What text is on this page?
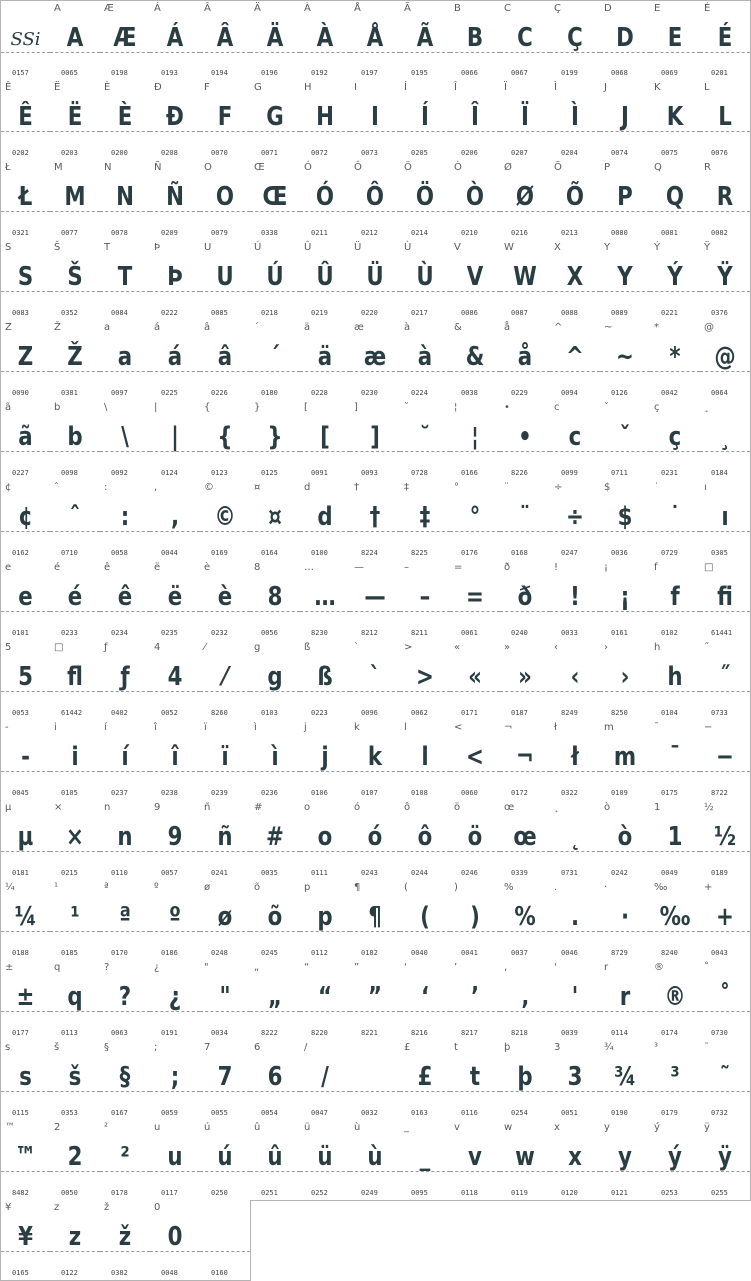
SSi
0157
A
A
0065
Æ
Æ
0198
Á
Á
0193
Â
Â
0194
Ä
Ä
0196
À
À
0192
Å
Å
0197
Ã
Ã
0195
B
B
0066
C
C
0067
Ç
Ç
0199
D
D
0068
E
E
0069
É
É
0201
Ê
Ê
0202
Ë
Ë
0203
È
È
0200
Ð
Đ
0208
F
F
0070
G
G
0071
H
H
0072
I
I
0073
Í
Í
0205
Î
Î
0206
Ï
Ï
0207
Ì
Ì
0204
J
J
0074
K
K
0075
L
L
0076
Ł
Ł
0321
M
M
0077
N
N
0078
Ñ
Ñ
0209
O
O
0079
Œ
Œ
0338
Ó
Ó
0211
Ô
Ô
0212
Ö
Ö
0214
Ò
Ò
0210
Ø
Ø
0216
Õ
Õ
0213
P
P
0080
Q
Q
0081
R
R
0082
S
S
0083
Š
Š
0352
T
T
0084
Þ
Þ
0222
U
U
0085
Ú
Ú
0218
Û
Û
0219
Ü
Ü
0220
Ù
Ù
0217
V
V
0086
W
W
0087
X
X
0088
Y
Y
0089
Ý
Ý
0221
Ÿ
Ÿ
0376
Z
Z
0090
Ž
Ž
0381
a
a
0097
á
á
0225
â
â
0226
´
´
0180
ä
ä
0228
æ
æ
0230
à
à
0224
&
&
0038
å
å
0229
^
^
0094
~
~
0126
*
*
0042
@
@
0064
ã
ã
0227
b
b
0098
\
\
0092
|
|
0124
{
{
0123
}
}
0125
[
[
0091
]
]
0093
˘
˘
0728
¦
¦
0166
•
•
8226
c
c
0099
ˇ
ˇ
0711
ç
ç
0231
¸
¸
0184
¢
¢
0162
ˆ
ˆ
0710
:
:
0058
,
,
0044
©
©
0169
¤
¤
0164
d
d
0100
†
†
8224
‡
‡
8225
°
°
0176
¨
¨
0168
÷
÷
0247
$
$
0036
˙
˙
0729
ı
ı
0305
e
e
0101
é
é
0233
ê
ê
0234
ë
ë
0235
è
è
0232
8
8
0056
…
…
8230
—
—
8212
–
–
8211
=
=
0061
ð
ð
0240
!
!
0033
¡
¡
0161
f
f
0102
□
fi
61441
5
5
0053
□
fl
61442
ƒ
ƒ
0402
4
4
0052
⁄
⁄
8260
g
g
0103
ß
ß
0223
`
`
0096
>
>
0062
«
«
0171
»
»
0187
‹
‹
8249
›
›
8250
h
h
0104
˝
˝
0733
-
-
0045
i
i
0105
í
í
0237
î
î
0238
ï
ï
0239
ì
ì
0236
j
j
0106
k
k
0107
l
l
0108
<
<
0060
¬
¬
0172
ł
ł
0322
m
m
0109
¯
¯
0175
−
−
8722
µ
µ
0181
×
×
0215
n
n
0110
9
9
0057
ñ
ñ
0241
#
#
0035
o
o
0111
ó
ó
0243
ô
ô
0244
ö
ö
0246
œ
œ
0339
˛
˛
0731
ò
ò
0242
1
1
0049
½
½
0189
¼
¼
0188
¹
¹
0185
ª
ª
0170
º
º
0186
ø
ø
0248
õ
õ
0245
p
p
0112
¶
¶
0182
(
(
0040
)
)
0041
%
%
0037
.
.
0046
·
·
8729
‰
‰
8240
+
+
0043
±
±
0177
q
q
0113
?
?
0063
¿
¿
0191
"
"
0034
„
„
8222
“
“
8220
”
”
8221
‘
‘
8216
’
’
8217
‚
‚
8218
'
'
0039
r
r
0114
®
®
0174
˚
˚
0730
s
s
0115
š
š
0353
§
§
0167
;
;
0059
7
7
0055
6
6
0054
/
/
0047	0032
£
£
0163
t
t
0116
þ
þ
0254
3
3
0051
¾
¾
0190
³
³
0179
˜
˜
0732
™
™
8482
2
2
0050
²
²
0178
u
u
0117
ú
ú
0250
û
û
0251
ü
ü
0252
ù
ù
0249
_
_
0095
v
v
0118
w
w
0119
x
x
0120
y
y
0121
ý
ý
0253
ÿ
ÿ
0255
¥
¥
0165
z
z
0122
ž
ž
0382
0
0
0048	0160
